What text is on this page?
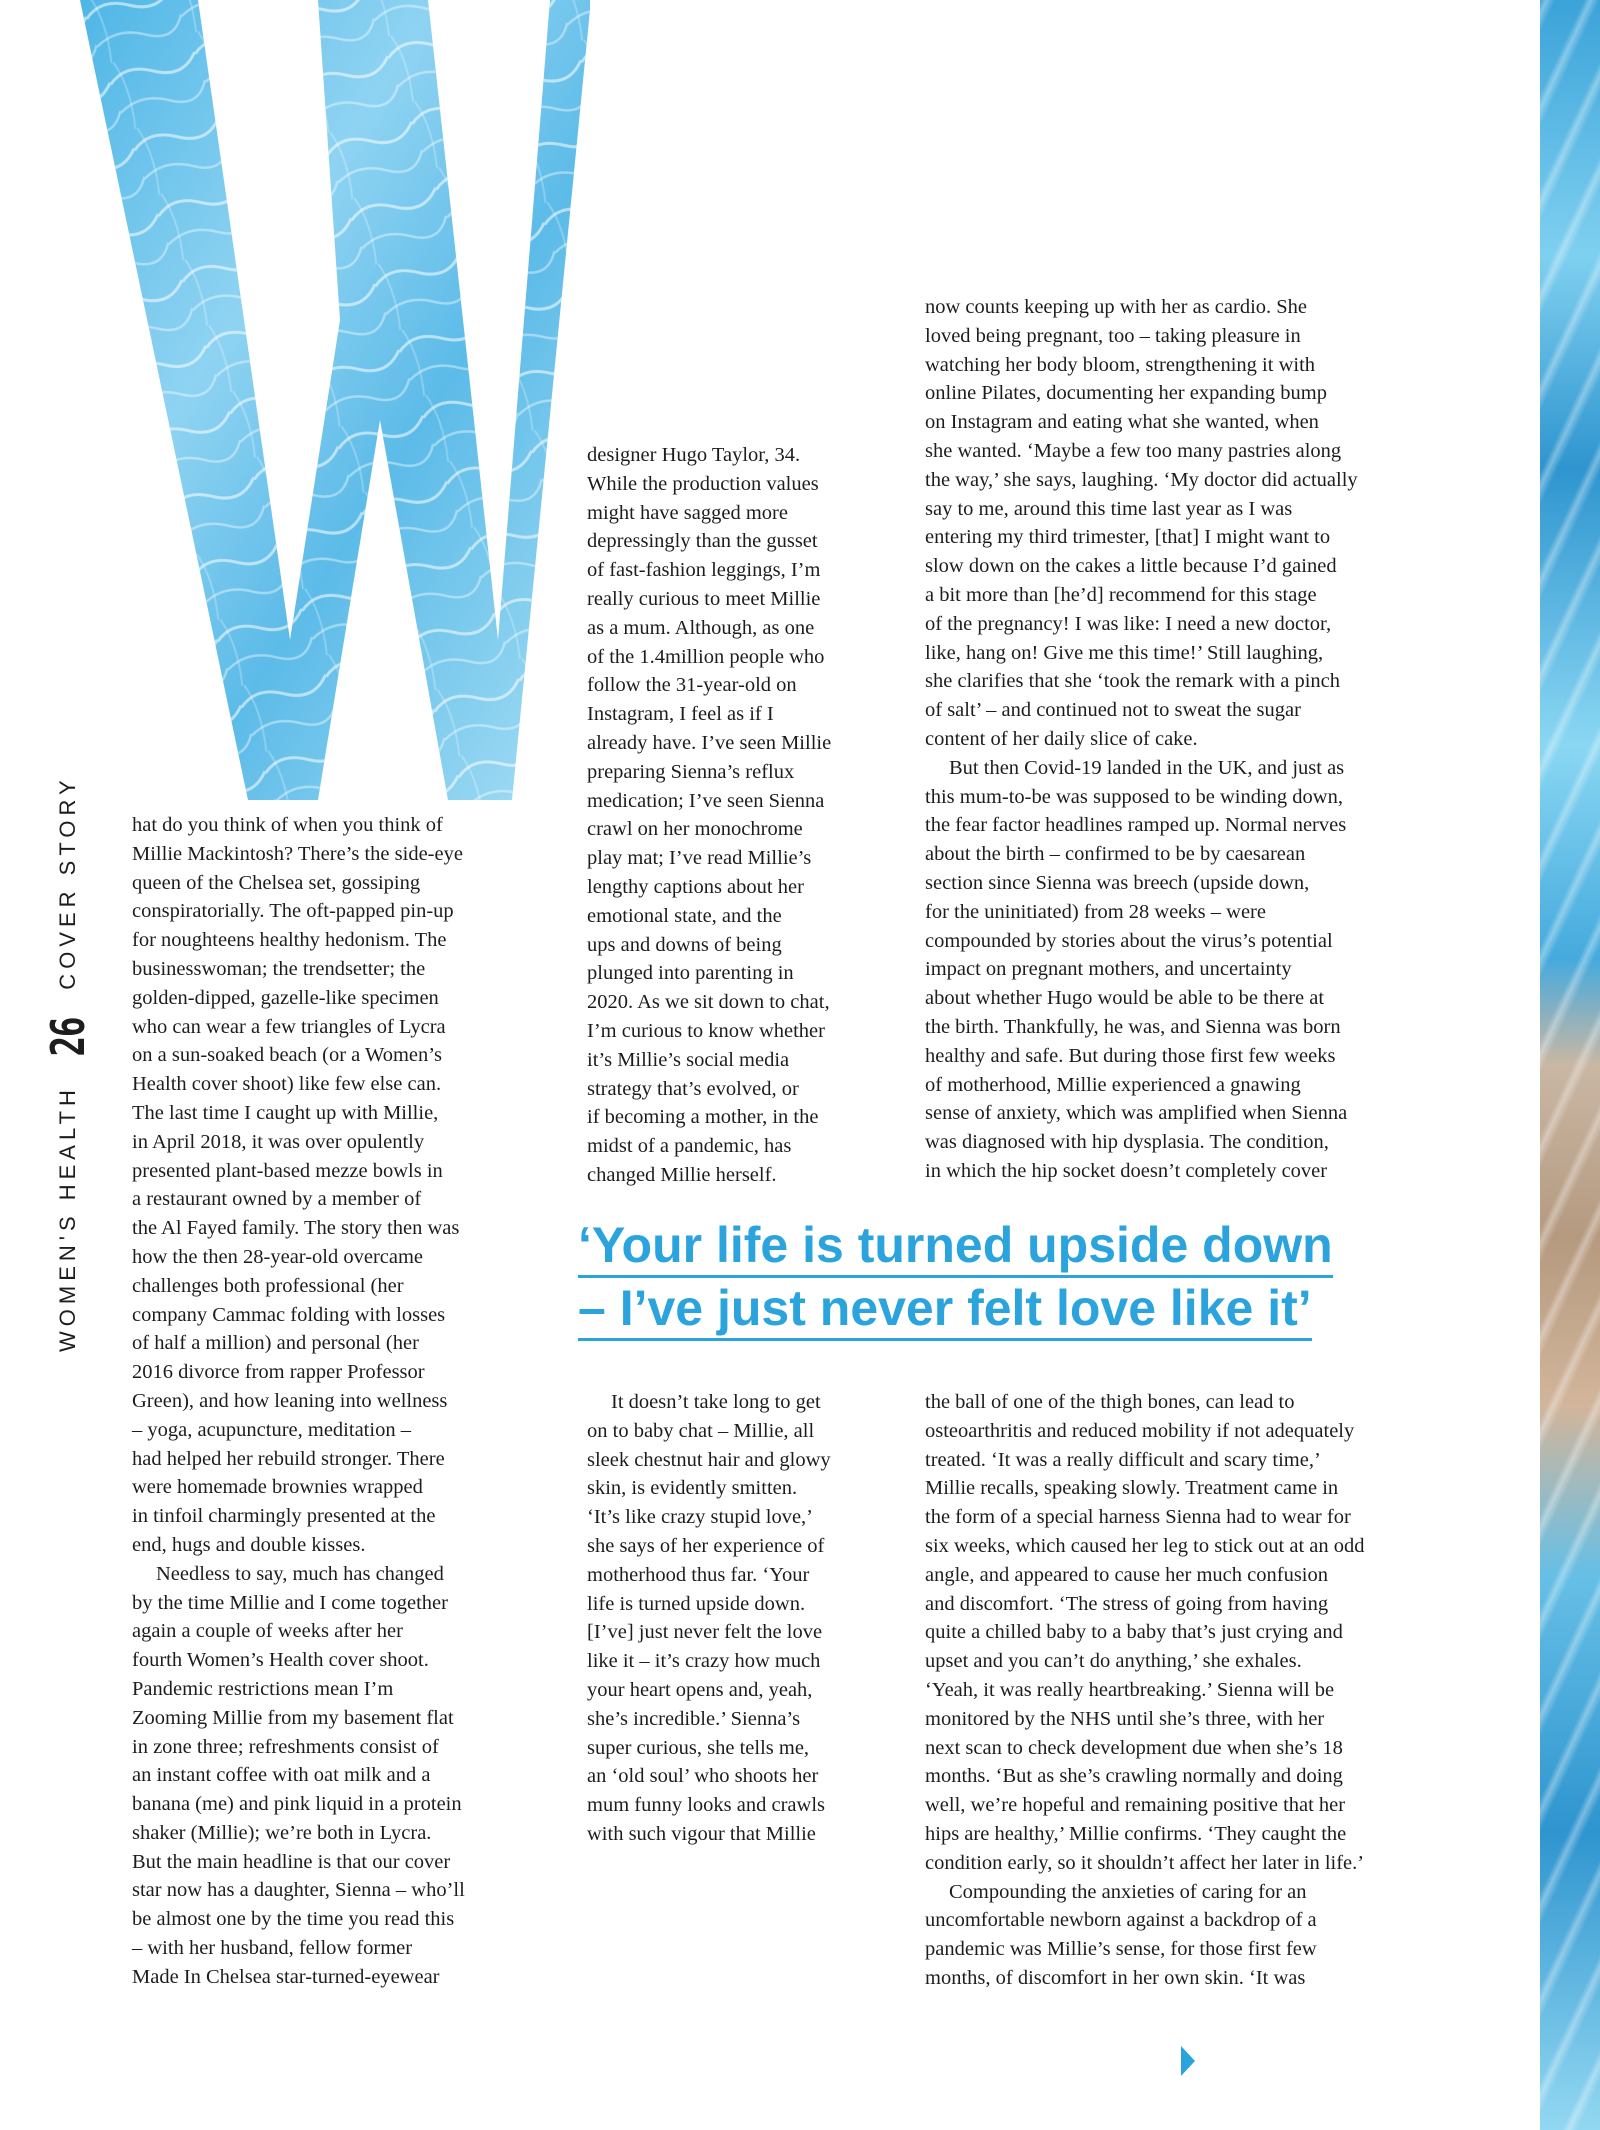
WOMEN'S HEALTH
26
COVER STORY	hat do you think of when you think of
Millie Mackintosh? There’s the side-eye
queen of the Chelsea set, gossiping
conspiratorially. The oft-papped pin-up
for noughteens healthy hedonism. The
businesswoman; the trendsetter; the
golden-dipped, gazelle-like specimen
who can wear a few triangles of Lycra
on a sun-soaked beach (or a Women’s
Health cover shoot) like few else can.
The last time I caught up with Millie,
in April 2018, it was over opulently
presented plant-based mezze bowls in
a restaurant owned by a member of
the Al Fayed family. The story then was
how the then 28-year-old overcame
challenges both professional (her
company Cammac folding with losses
of half a million) and personal (her
2016 divorce from rapper Professor
Green), and how leaning into wellness
– yoga, acupuncture, meditation –
had helped her rebuild stronger. There
were homemade brownies wrapped
in tinfoil charmingly presented at the
end, hugs and double kisses.

Needless to say, much has changed
by the time Millie and I come together
again a couple of weeks after her
fourth Women’s Health cover shoot.
Pandemic restrictions mean I’m
Zooming Millie from my basement flat
in zone three; refreshments consist of
an instant coffee with oat milk and a
banana (me) and pink liquid in a protein
shaker (Millie); we’re both in Lycra.
But the main headline is that our cover
star now has a daughter, Sienna – who’ll
be almost one by the time you read this
– with her husband, fellow former
Made In Chelsea star-turned-eyewear

designer Hugo Taylor, 34.
While the production values
might have sagged more
depressingly than the gusset
of fast-fashion leggings, I’m
really curious to meet Millie
as a mum. Although, as one
of the 1.4million people who
follow the 31-year-old on
Instagram, I feel as if I
already have. I’ve seen Millie
preparing Sienna’s reflux
medication; I’ve seen Sienna
crawl on her monochrome
play mat; I’ve read Millie’s
lengthy captions about her
emotional state, and the
ups and downs of being
plunged into parenting in
2020. As we sit down to chat,
I’m curious to know whether
it’s Millie’s social media
strategy that’s evolved, or
if becoming a mother, in the
midst of a pandemic, has
changed Millie herself.

now counts keeping up with her as cardio. She
loved being pregnant, too – taking pleasure in
watching her body bloom, strengthening it with
online Pilates, documenting her expanding bump
on Instagram and eating what she wanted, when
she wanted. ‘Maybe a few too many pastries along
the way,’ she says, laughing. ‘My doctor did actually
say to me, around this time last year as I was
entering my third trimester, [that] I might want to
slow down on the cakes a little because I’d gained
a bit more than [he’d] recommend for this stage
of the pregnancy! I was like: I need a new doctor,
like, hang on! Give me this time!’ Still laughing,
she clarifies that she ‘took the remark with a pinch
of salt’ – and continued not to sweat the sugar
content of her daily slice of cake.

But then Covid-19 landed in the UK, and just as
this mum-to-be was supposed to be winding down,
the fear factor headlines ramped up. Normal nerves
about the birth – confirmed to be by caesarean
section since Sienna was breech (upside down,
for the uninitiated) from 28 weeks – were
compounded by stories about the virus’s potential
impact on pregnant mothers, and uncertainty
about whether Hugo would be able to be there at
the birth. Thankfully, he was, and Sienna was born
healthy and safe. But during those first few weeks
of motherhood, Millie experienced a gnawing
sense of anxiety, which was amplified when Sienna
was diagnosed with hip dysplasia. The condition,
in which the hip socket doesn’t completely cover

‘Your life is turned upside down
– I’ve just never felt love like it’

It doesn’t take long to get
on to baby chat – Millie, all
sleek chestnut hair and glowy
skin, is evidently smitten.
‘It’s like crazy stupid love,’
she says of her experience of
motherhood thus far. ‘Your
life is turned upside down.
[I’ve] just never felt the love
like it – it’s crazy how much
your heart opens and, yeah,
she’s incredible.’ Sienna’s
super curious, she tells me,
an ‘old soul’ who shoots her
mum funny looks and crawls
with such vigour that Millie

the ball of one of the thigh bones, can lead to
osteoarthritis and reduced mobility if not adequately
treated. ‘It was a really difficult and scary time,’
Millie recalls, speaking slowly. Treatment came in
the form of a special harness Sienna had to wear for
six weeks, which caused her leg to stick out at an odd
angle, and appeared to cause her much confusion
and discomfort. ‘The stress of going from having
quite a chilled baby to a baby that’s just crying and
upset and you can’t do anything,’ she exhales.
‘Yeah, it was really heartbreaking.’ Sienna will be
monitored by the NHS until she’s three, with her
next scan to check development due when she’s 18
months. ‘But as she’s crawling normally and doing
well, we’re hopeful and remaining positive that her
hips are healthy,’ Millie confirms. ‘They caught the
condition early, so it shouldn’t affect her later in life.’

Compounding the anxieties of caring for an
uncomfortable newborn against a backdrop of a
pandemic was Millie’s sense, for those first few
months, of discomfort in her own skin. ‘It was
